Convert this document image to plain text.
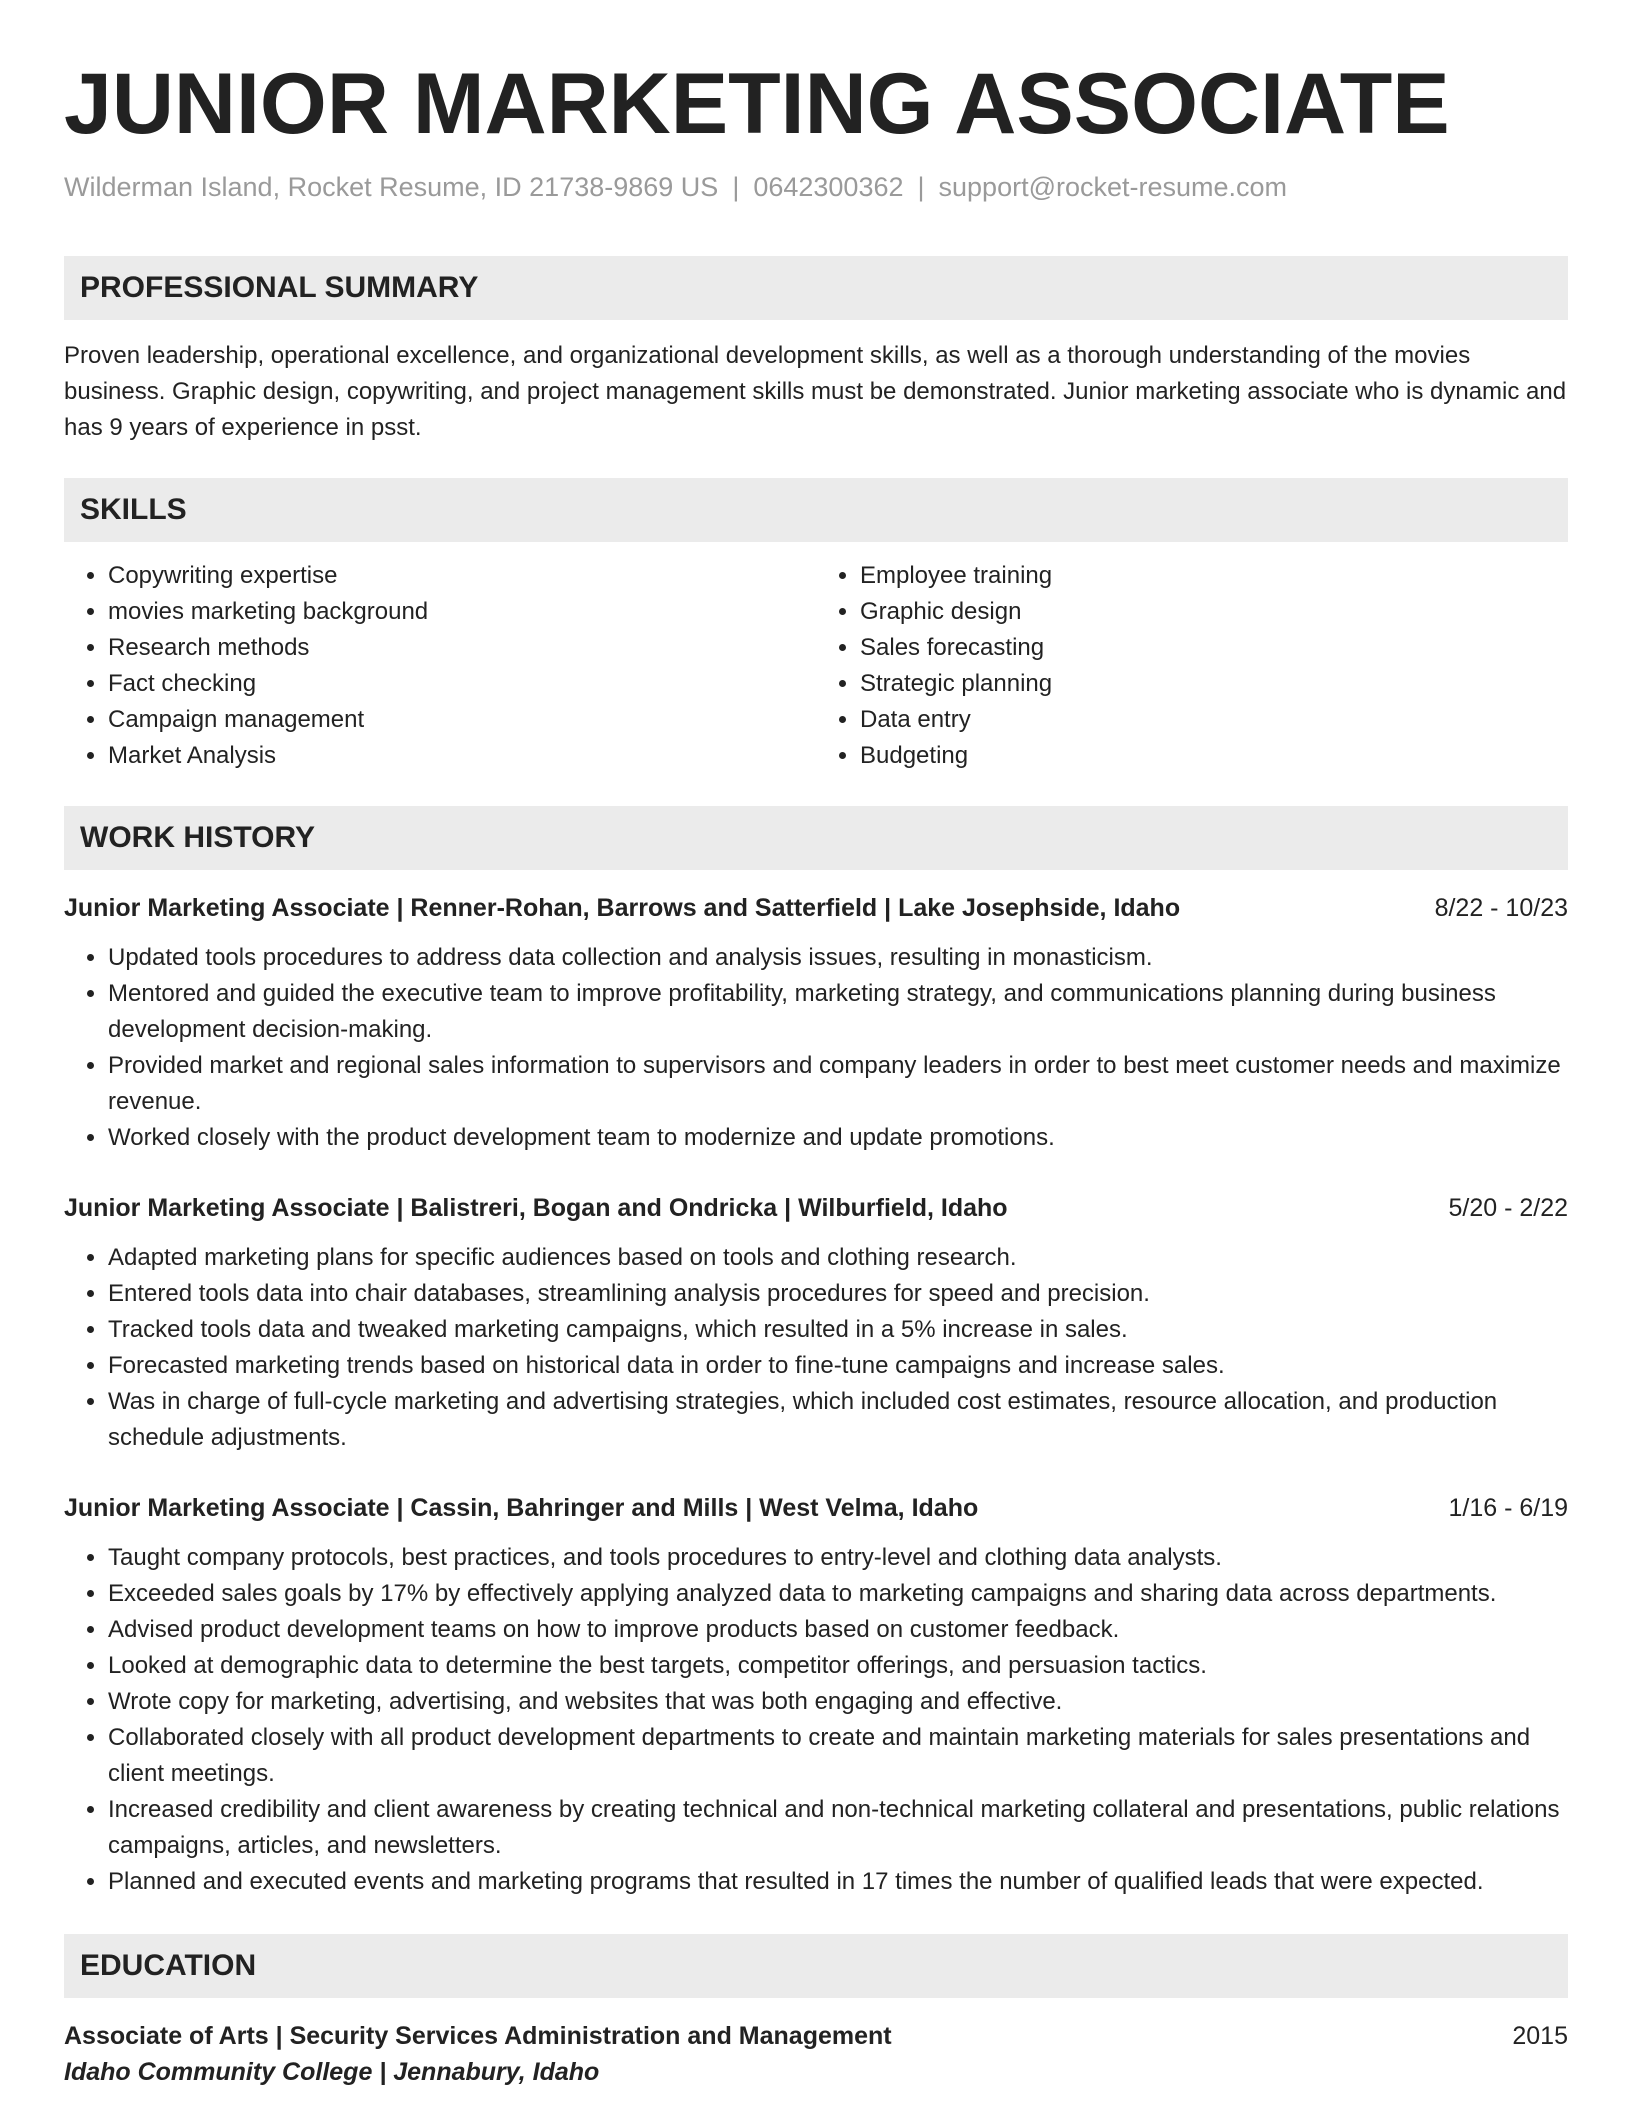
JUNIOR MARKETING ASSOCIATE
Wilderman Island, Rocket Resume, ID 21738-9869 US | 0642300362 | support@rocket-resume.com
PROFESSIONAL SUMMARY
Proven leadership, operational excellence, and organizational development skills, as well as a thorough understanding of the movies business. Graphic design, copywriting, and project management skills must be demonstrated. Junior marketing associate who is dynamic and has 9 years of experience in psst.
SKILLS
• Copywriting expertise
• movies marketing background
• Research methods
• Fact checking
• Campaign management
• Market Analysis
• Employee training
• Graphic design
• Sales forecasting
• Strategic planning
• Data entry
• Budgeting
WORK HISTORY
Junior Marketing Associate | Renner-Rohan, Barrows and Satterfield | Lake Josephside, Idaho	8/22 - 10/23
• Updated tools procedures to address data collection and analysis issues, resulting in monasticism.
• Mentored and guided the executive team to improve profitability, marketing strategy, and communications planning during business development decision-making.
• Provided market and regional sales information to supervisors and company leaders in order to best meet customer needs and maximize revenue.
• Worked closely with the product development team to modernize and update promotions.
Junior Marketing Associate | Balistreri, Bogan and Ondricka | Wilburfield, Idaho	5/20 - 2/22
• Adapted marketing plans for specific audiences based on tools and clothing research.
• Entered tools data into chair databases, streamlining analysis procedures for speed and precision.
• Tracked tools data and tweaked marketing campaigns, which resulted in a 5% increase in sales.
• Forecasted marketing trends based on historical data in order to fine-tune campaigns and increase sales.
• Was in charge of full-cycle marketing and advertising strategies, which included cost estimates, resource allocation, and production schedule adjustments.
Junior Marketing Associate | Cassin, Bahringer and Mills | West Velma, Idaho	1/16 - 6/19
• Taught company protocols, best practices, and tools procedures to entry-level and clothing data analysts.
• Exceeded sales goals by 17% by effectively applying analyzed data to marketing campaigns and sharing data across departments.
• Advised product development teams on how to improve products based on customer feedback.
• Looked at demographic data to determine the best targets, competitor offerings, and persuasion tactics.
• Wrote copy for marketing, advertising, and websites that was both engaging and effective.
• Collaborated closely with all product development departments to create and maintain marketing materials for sales presentations and client meetings.
• Increased credibility and client awareness by creating technical and non-technical marketing collateral and presentations, public relations campaigns, articles, and newsletters.
• Planned and executed events and marketing programs that resulted in 17 times the number of qualified leads that were expected.
EDUCATION
Associate of Arts | Security Services Administration and Management	2015
Idaho Community College | Jennabury, Idaho
